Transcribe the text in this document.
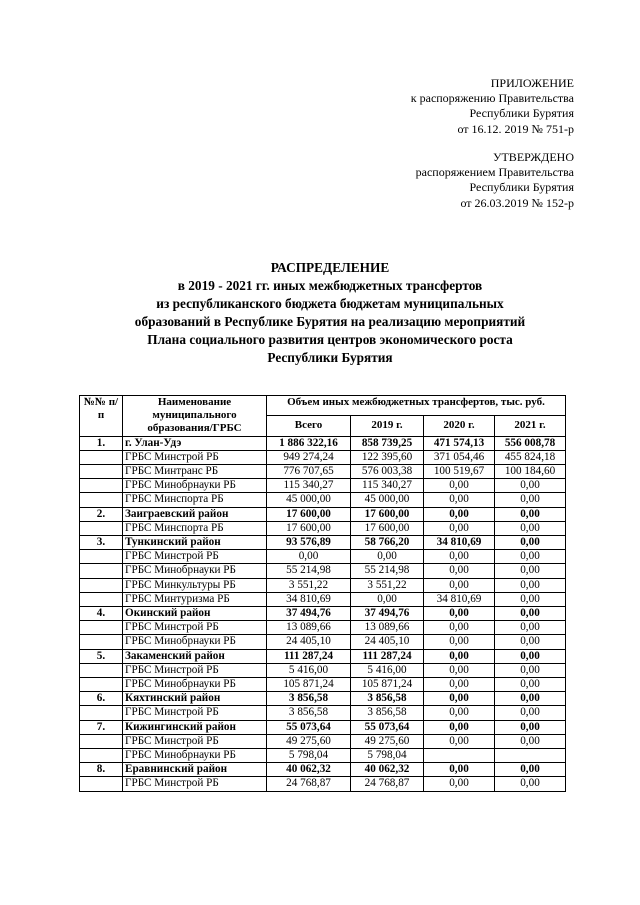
ПРИЛОЖЕНИЕ
к распоряжению Правительства
Республики Бурятия
от 16.12. 2019 № 751-р
УТВЕРЖДЕНО
распоряжением Правительства
Республики Бурятия
от 26.03.2019 № 152-р
РАСПРЕДЕЛЕНИЕ
в 2019 - 2021 гг. иных межбюджетных трансфертов
из республиканского бюджета бюджетам муниципальных
образований в Республике Бурятия на реализацию мероприятий
Плана социального развития центров экономического роста
Республики Бурятия
№№ п/п	Наименование муниципального образования/ГРБС	Объем иных межбюджетных трансфертов, тыс. руб.			
		Всего	2019 г.	2020 г.	2021 г.
1.	г. Улан-Удэ	1 886 322,16	858 739,25	471 574,13	556 008,78
	ГРБС Минстрой РБ	949 274,24	122 395,60	371 054,46	455 824,18
	ГРБС Минтранс РБ	776 707,65	576 003,38	100 519,67	100 184,60
	ГРБС Минобрнауки РБ	115 340,27	115 340,27	0,00	0,00
	ГРБС Минспорта РБ	45 000,00	45 000,00	0,00	0,00
2.	Заиграевский район	17 600,00	17 600,00	0,00	0,00
	ГРБС Минспорта РБ	17 600,00	17 600,00	0,00	0,00
3.	Тункинский район	93 576,89	58 766,20	34 810,69	0,00
	ГРБС Минстрой РБ	0,00	0,00	0,00	0,00
	ГРБС Минобрнауки РБ	55 214,98	55 214,98	0,00	0,00
	ГРБС Минкультуры РБ	3 551,22	3 551,22	0,00	0,00
	ГРБС Минтуризма РБ	34 810,69	0,00	34 810,69	0,00
4.	Окинский район	37 494,76	37 494,76	0,00	0,00
	ГРБС Минстрой РБ	13 089,66	13 089,66	0,00	0,00
	ГРБС Минобрнауки РБ	24 405,10	24 405,10	0,00	0,00
5.	Закаменский район	111 287,24	111 287,24	0,00	0,00
	ГРБС Минстрой РБ	5 416,00	5 416,00	0,00	0,00
	ГРБС Минобрнауки РБ	105 871,24	105 871,24	0,00	0,00
6.	Кяхтинский район	3 856,58	3 856,58	0,00	0,00
	ГРБС Минстрой РБ	3 856,58	3 856,58	0,00	0,00
7.	Кижингинский район	55 073,64	55 073,64	0,00	0,00
	ГРБС Минстрой РБ	49 275,60	49 275,60	0,00	0,00
	ГРБС Минобрнауки РБ	5 798,04	5 798,04		
8.	Еравнинский район	40 062,32	40 062,32	0,00	0,00
	ГРБС Минстрой РБ	24 768,87	24 768,87	0,00	0,00
